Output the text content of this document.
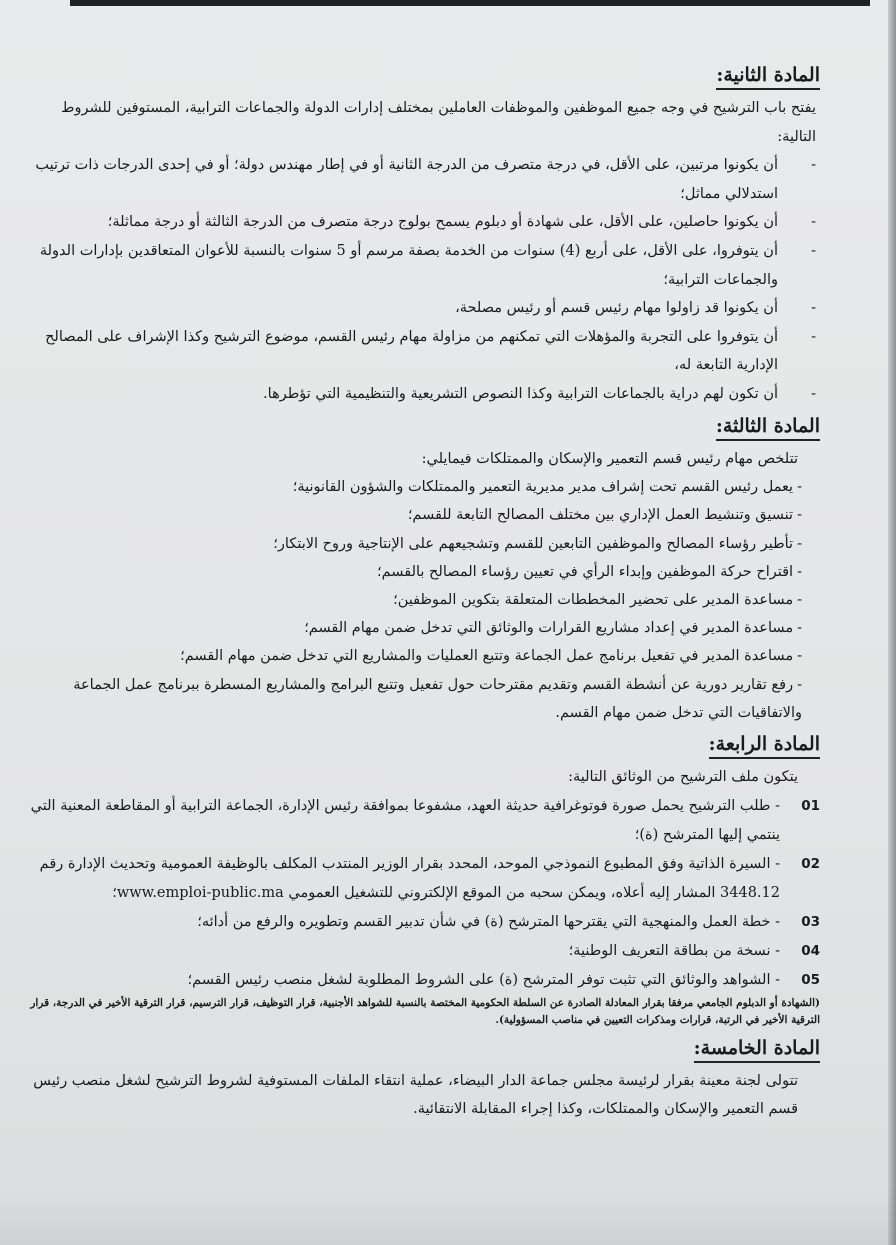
المادة الثانية:

يفتح باب الترشيح في وجه جميع الموظفين والموظفات العاملين بمختلف إدارات الدولة والجماعات الترابية، المستوفين للشروط التالية:

- أن يكونوا مرتبين، على الأقل، في درجة متصرف من الدرجة الثانية أو في إطار مهندس دولة؛ أو في إحدى الدرجات ذات ترتيب استدلالي مماثل؛
- أن يكونوا حاصلين، على الأقل، على شهادة أو دبلوم يسمح بولوج درجة متصرف من الدرجة الثالثة أو درجة مماثلة؛
- أن يتوفروا، على الأقل، على أربع (4) سنوات من الخدمة بصفة مرسم أو 5 سنوات بالنسبة للأعوان المتعاقدين بإدارات الدولة والجماعات الترابية؛
- أن يكونوا قد زاولوا مهام رئيس قسم أو رئيس مصلحة،
- أن يتوفروا على التجربة والمؤهلات التي تمكنهم من مزاولة مهام رئيس القسم، موضوع الترشيح وكذا الإشراف على المصالح الإدارية التابعة له،
- أن تكون لهم دراية بالجماعات الترابية وكذا النصوص التشريعية والتنظيمية التي تؤطرها.
المادة الثالثة:

تتلخص مهام رئيس قسم التعمير والإسكان والممتلكات فيمايلي:

-يعمل رئيس القسم تحت إشراف مدير مديرية التعمير والممتلكات والشؤون القانونية؛
-تنسيق وتنشيط العمل الإداري بين مختلف المصالح التابعة للقسم؛
-تأطير رؤساء المصالح والموظفين التابعين للقسم وتشجيعهم على الإنتاجية وروح الابتكار؛
-اقتراح حركة الموظفين وإبداء الرأي في تعيين رؤساء المصالح بالقسم؛
-مساعدة المدير على تحضير المخططات المتعلقة بتكوين الموظفين؛
-مساعدة المدير في إعداد مشاريع القرارات والوثائق التي تدخل ضمن مهام القسم؛
-مساعدة المدير في تفعيل برنامج عمل الجماعة وتتبع العمليات والمشاريع التي تدخل ضمن مهام القسم؛
-رفع تقارير دورية عن أنشطة القسم وتقديم مقترحات حول تفعيل وتتبع البرامج والمشاريع المسطرة ببرنامج عمل الجماعة والاتفاقيات التي تدخل ضمن مهام القسم.
المادة الرابعة:

يتكون ملف الترشيح من الوثائق التالية:

01
- طلب الترشيح يحمل صورة فوتوغرافية حديثة العهد، مشفوعا بموافقة رئيس الإدارة، الجماعة الترابية أو المقاطعة المعنية التي ينتمي إليها المترشح (ة)؛
02
- السيرة الذاتية وفق المطبوع النموذجي الموحد، المحدد بقرار الوزير المنتدب المكلف بالوظيفة العمومية وتحديث الإدارة رقم 3448.12 المشار إليه أعلاه، ويمكن سحبه من الموقع الإلكتروني للتشغيل العمومي www.emploi-public.ma؛
03
- خطة العمل والمنهجية التي يقترحها المترشح (ة) في شأن تدبير القسم وتطويره والرفع من أدائه؛
04
- نسخة من بطاقة التعريف الوطنية؛
05
- الشواهد والوثائق التي تثبت توفر المترشح (ة) على الشروط المطلوبة لشغل منصب رئيس القسم؛

(الشهادة أو الدبلوم الجامعي مرفقا بقرار المعادلة الصادرة عن السلطة الحكومية المختصة بالنسبة للشواهد الأجنبية، قرار التوظيف، قرار الترسيم، قرار الترقية الأخير في الدرجة، قرار الترقية الأخير في الرتبة، قرارات ومذكرات التعيين في مناصب المسؤولية).

المادة الخامسة:

تتولى لجنة معينة بقرار لرئيسة مجلس جماعة الدار البيضاء، عملية انتقاء الملفات المستوفية لشروط الترشيح لشغل منصب رئيس قسم التعمير والإسكان والممتلكات، وكذا إجراء المقابلة الانتقائية.
